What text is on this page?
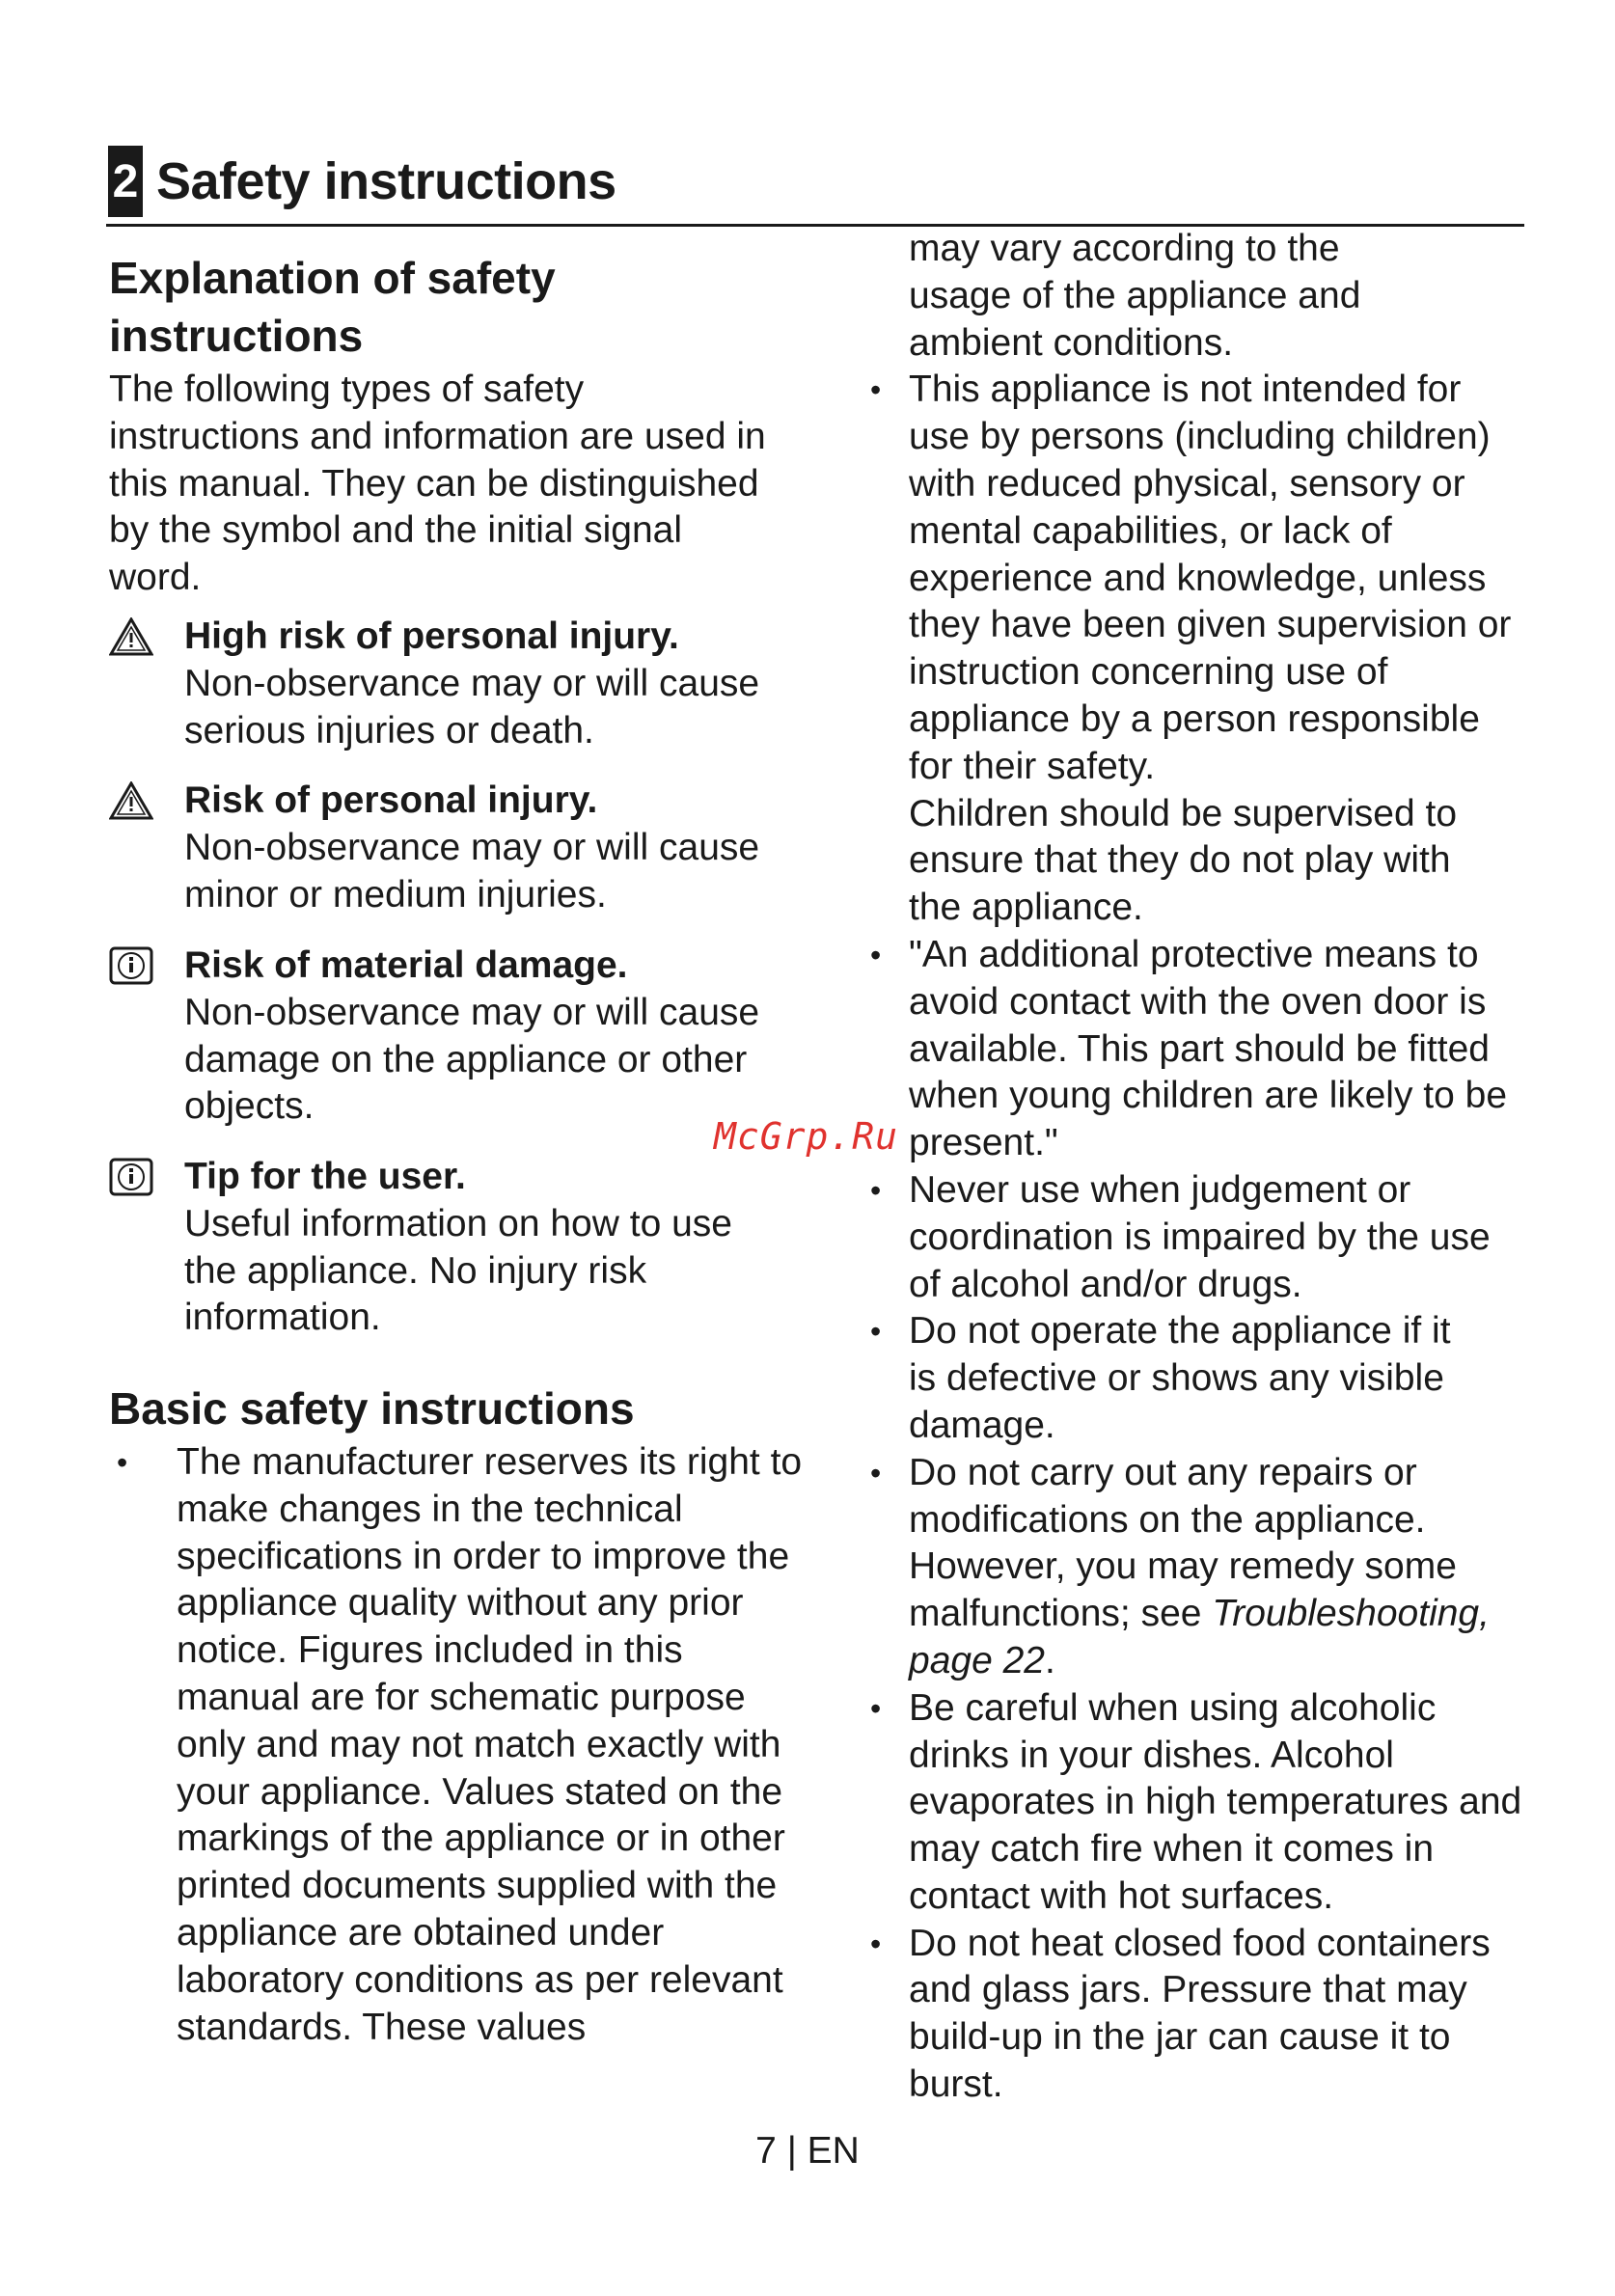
2 Safety instructions
Explanation of safety instructions

The following types of safety instructions and information are used in this manual. They can be distinguished by the symbol and the initial signal word.

High risk of personal injury.
Non-observance may or will cause serious injuries or death.
Risk of personal injury.
Non-observance may or will cause minor or medium injuries.
Risk of material damage.
Non-observance may or will cause damage on the appliance or other objects.
Tip for the user.
Useful information on how to use the appliance. No injury risk information.
Basic safety instructions
• The manufacturer reserves its right to make changes in the technical specifications in order to improve the appliance quality without any prior notice. Figures included in this manual are for schematic purpose only and may not match exactly with your appliance. Values stated on the markings of the appliance or in other printed documents supplied with the appliance are obtained under laboratory conditions as per relevant standards. These values

may vary according to the usage of the appliance and ambient conditions.

• This appliance is not intended for use by persons (including children) with reduced physical, sensory or mental capabilities, or lack of experience and knowledge, unless they have been given supervision or instruction concerning use of appliance by a person responsible for their safety.

Children should be supervised to ensure that they do not play with the appliance.

• "An additional protective means to avoid contact with the oven door is available. This part should be fitted when young children are likely to be present."

• Never use when judgement or coordination is impaired by the use of alcohol and/or drugs.

• Do not operate the appliance if it is defective or shows any visible damage.

• Do not carry out any repairs or modifications on the appliance. However, you may remedy some malfunctions; see Troubleshooting, page 22.

• Be careful when using alcoholic drinks in your dishes. Alcohol evaporates in high temperatures and may catch fire when it comes in contact with hot surfaces.

• Do not heat closed food containers and glass jars. Pressure that may build-up in the jar can cause it to burst.

McGrp.Ru
7 | EN
